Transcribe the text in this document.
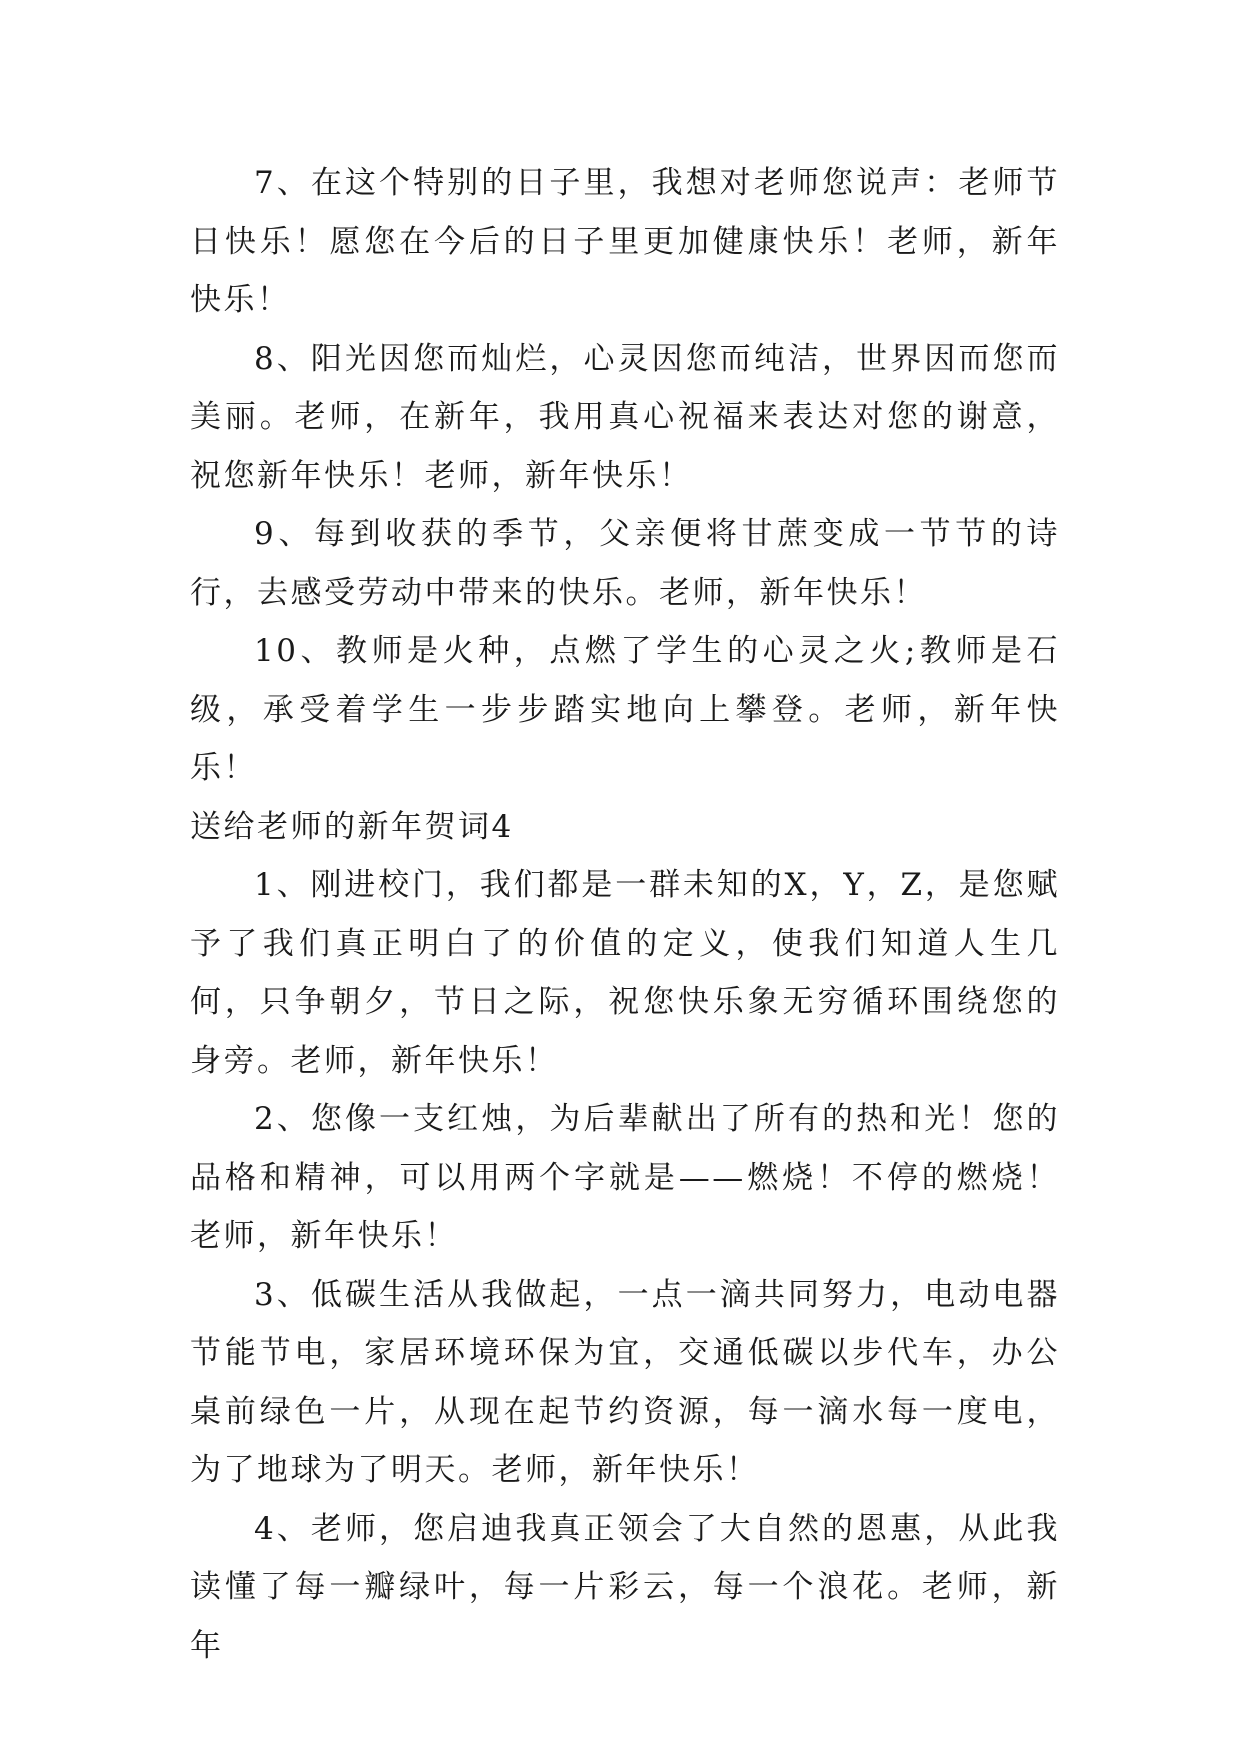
7、在这个特别的日子里，我想对老师您说声：老师节日快乐！愿您在今后的日子里更加健康快乐！老师，新年快乐！

8、阳光因您而灿烂，心灵因您而纯洁，世界因而您而美丽。老师，在新年，我用真心祝福来表达对您的谢意，祝您新年快乐！老师，新年快乐！

9、每到收获的季节，父亲便将甘蔗变成一节节的诗行，去感受劳动中带来的快乐。老师，新年快乐！

10、教师是火种，点燃了学生的心灵之火;教师是石级，承受着学生一步步踏实地向上攀登。老师，新年快乐！

送给老师的新年贺词4

1、刚进校门，我们都是一群未知的X，Y，Z，是您赋予了我们真正明白了的价值的定义，使我们知道人生几何，只争朝夕，节日之际，祝您快乐象无穷循环围绕您的身旁。老师，新年快乐！

2、您像一支红烛，为后辈献出了所有的热和光！您的品格和精神，可以用两个字就是——燃烧！不停的燃烧！老师，新年快乐！

3、低碳生活从我做起，一点一滴共同努力，电动电器节能节电，家居环境环保为宜，交通低碳以步代车，办公桌前绿色一片，从现在起节约资源，每一滴水每一度电，为了地球为了明天。老师，新年快乐！

4、老师，您启迪我真正领会了大自然的恩惠，从此我读懂了每一瓣绿叶，每一片彩云，每一个浪花。老师，新年
